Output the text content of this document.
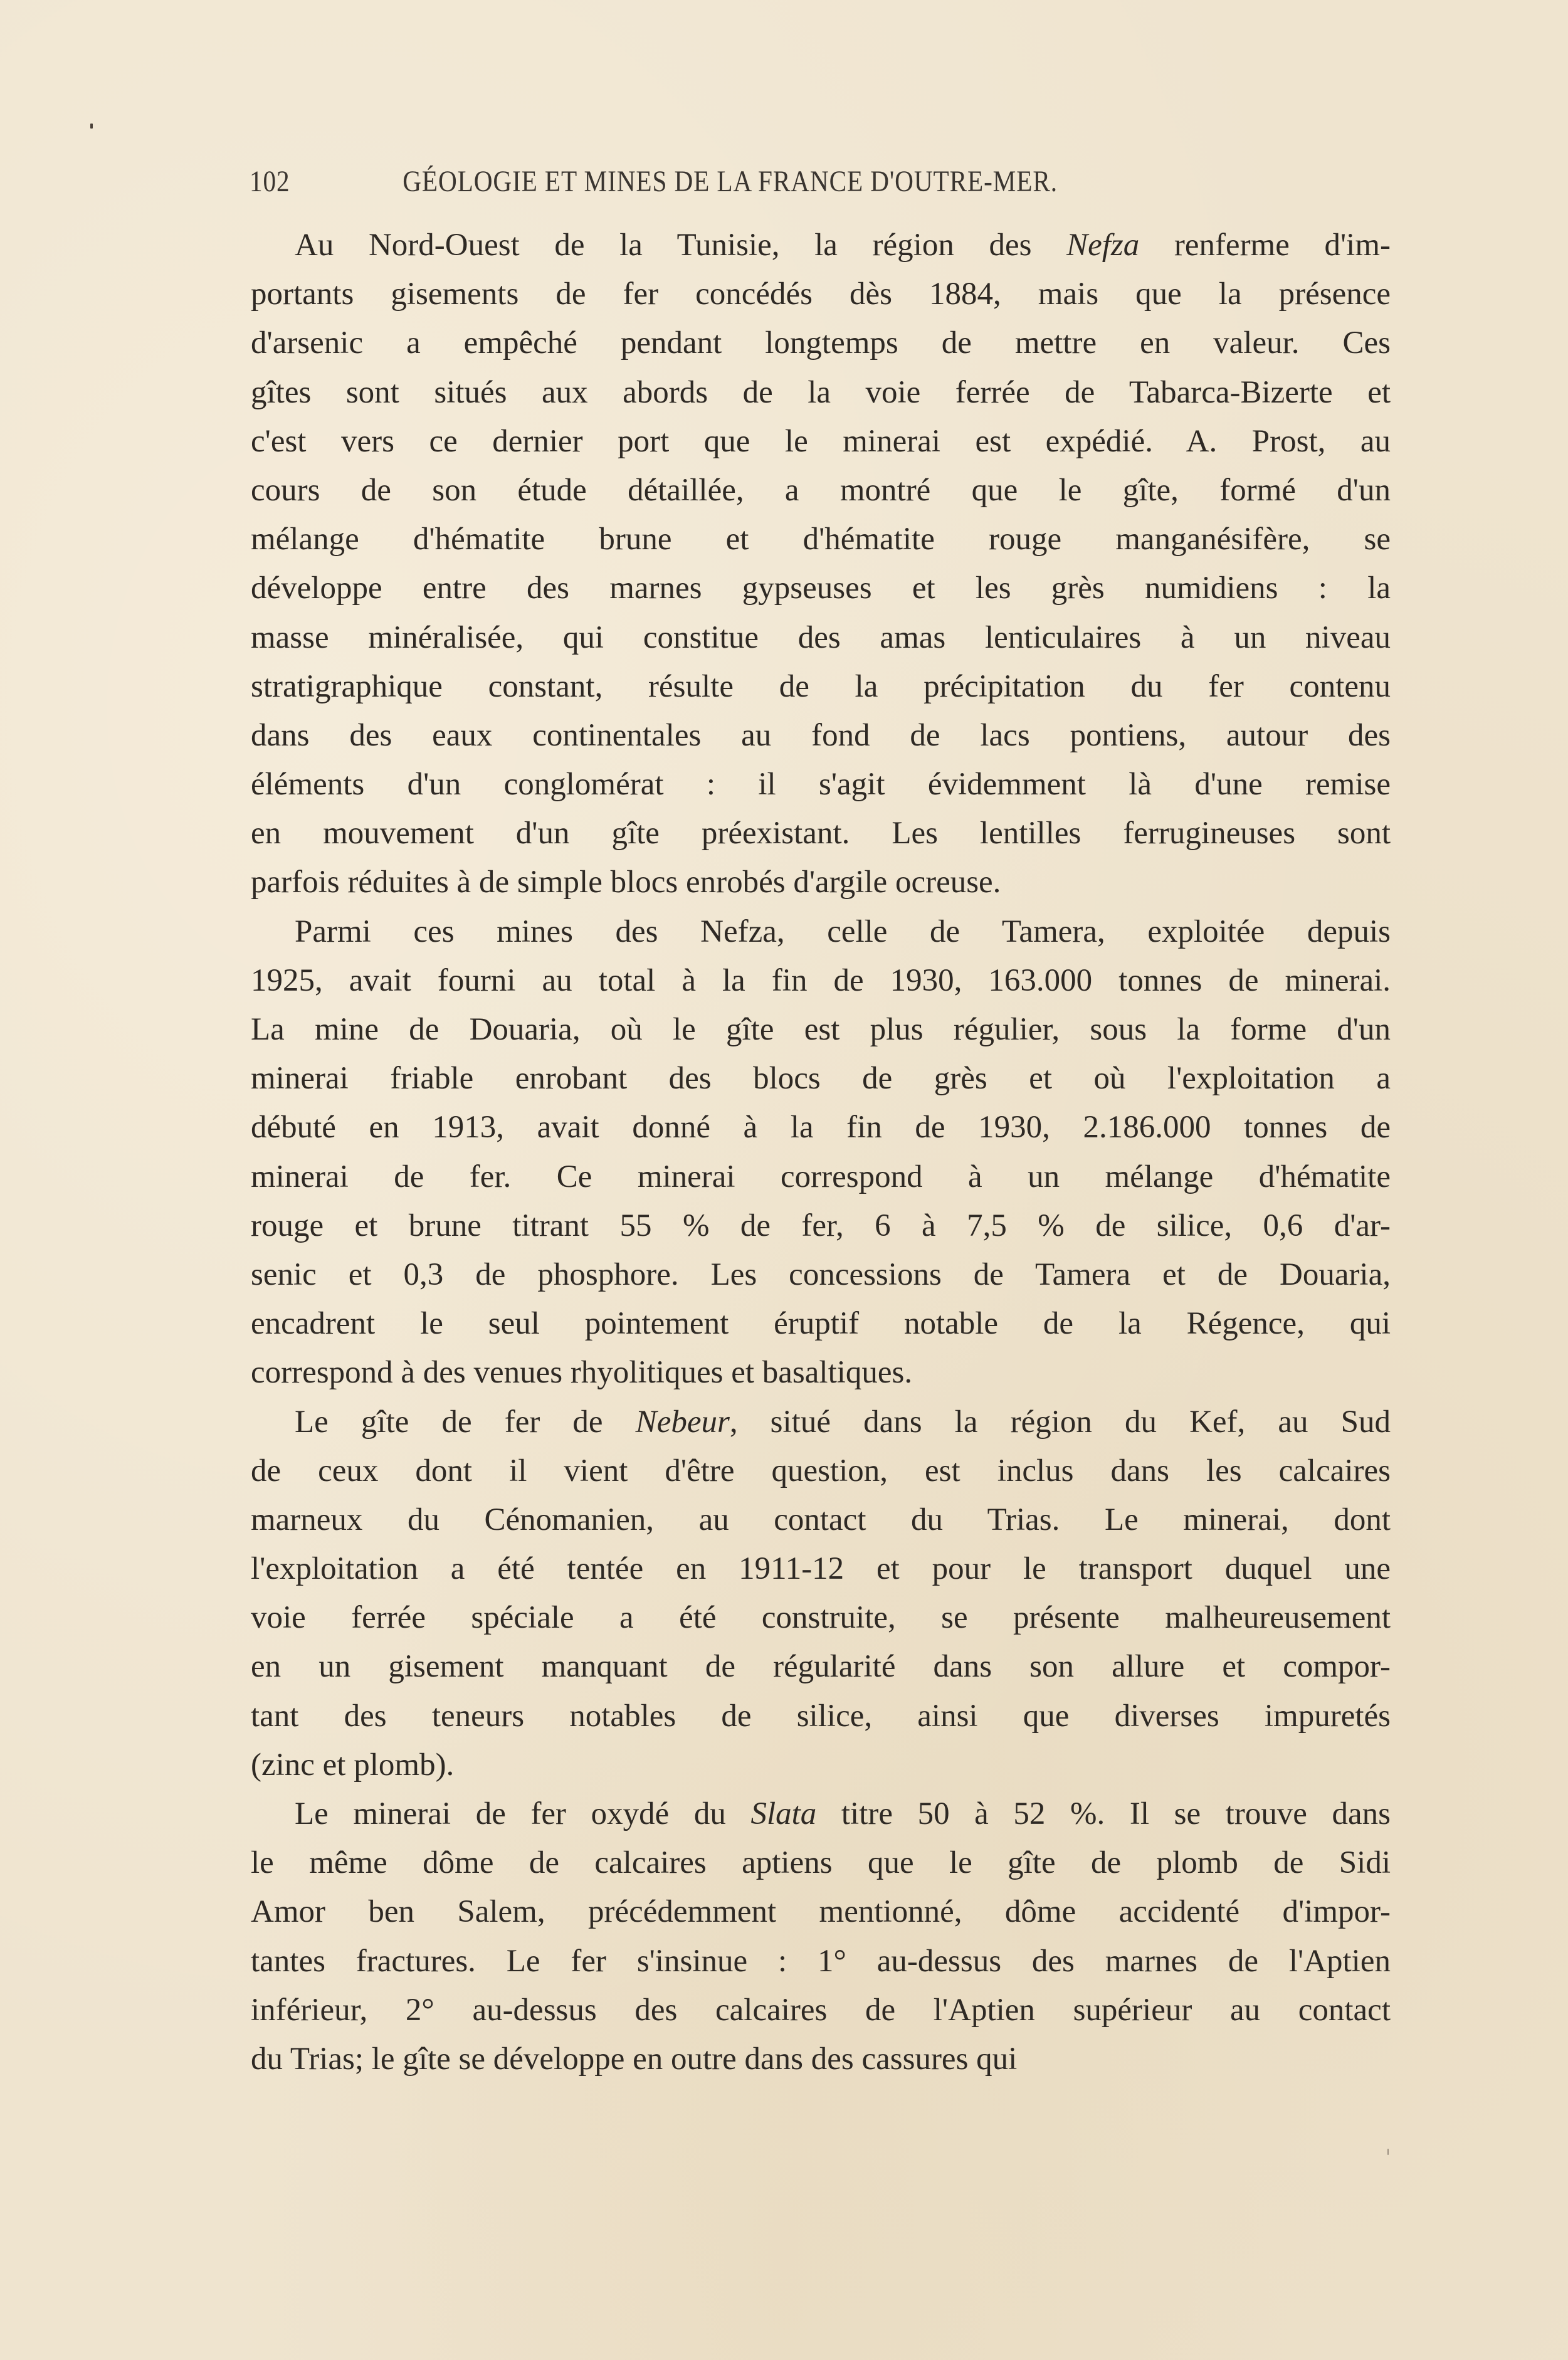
102	GÉOLOGIE ET MINES DE LA FRANCE D'OUTRE-MER.
Au Nord-Ouest de la Tunisie, la région des Nefza renferme d'im-
portants gisements de fer concédés dès 1884, mais que la présence
d'arsenic a empêché pendant longtemps de mettre en valeur. Ces
gîtes sont situés aux abords de la voie ferrée de Tabarca-Bizerte et
c'est vers ce dernier port que le minerai est expédié. A. Prost, au
cours de son étude détaillée, a montré que le gîte, formé d'un
mélange d'hématite brune et d'hématite rouge manganésifère, se
développe entre des marnes gypseuses et les grès numidiens : la
masse minéralisée, qui constitue des amas lenticulaires à un niveau
stratigraphique constant, résulte de la précipitation du fer contenu
dans des eaux continentales au fond de lacs pontiens, autour des
éléments d'un conglomérat : il s'agit évidemment là d'une remise
en mouvement d'un gîte préexistant. Les lentilles ferrugineuses sont
parfois réduites à de simple blocs enrobés d'argile ocreuse.
Parmi ces mines des Nefza, celle de Tamera, exploitée depuis
1925, avait fourni au total à la fin de 1930, 163.000 tonnes de minerai.
La mine de Douaria, où le gîte est plus régulier, sous la forme d'un
minerai friable enrobant des blocs de grès et où l'exploitation a
débuté en 1913, avait donné à la fin de 1930, 2.186.000 tonnes de
minerai de fer. Ce minerai correspond à un mélange d'hématite
rouge et brune titrant 55 % de fer, 6 à 7,5 % de silice, 0,6 d'ar-
senic et 0,3 de phosphore. Les concessions de Tamera et de Douaria,
encadrent le seul pointement éruptif notable de la Régence, qui
correspond à des venues rhyolitiques et basaltiques.
Le gîte de fer de Nebeur, situé dans la région du Kef, au Sud
de ceux dont il vient d'être question, est inclus dans les calcaires
marneux du Cénomanien, au contact du Trias. Le minerai, dont
l'exploitation a été tentée en 1911-12 et pour le transport duquel une
voie ferrée spéciale a été construite, se présente malheureusement
en un gisement manquant de régularité dans son allure et compor-
tant des teneurs notables de silice, ainsi que diverses impuretés
(zinc et plomb).
Le minerai de fer oxydé du Slata titre 50 à 52 %. Il se trouve dans
le même dôme de calcaires aptiens que le gîte de plomb de Sidi
Amor ben Salem, précédemment mentionné, dôme accidenté d'impor-
tantes fractures. Le fer s'insinue : 1° au-dessus des marnes de l'Aptien
inférieur, 2° au-dessus des calcaires de l'Aptien supérieur au contact
du Trias; le gîte se développe en outre dans des cassures qui
